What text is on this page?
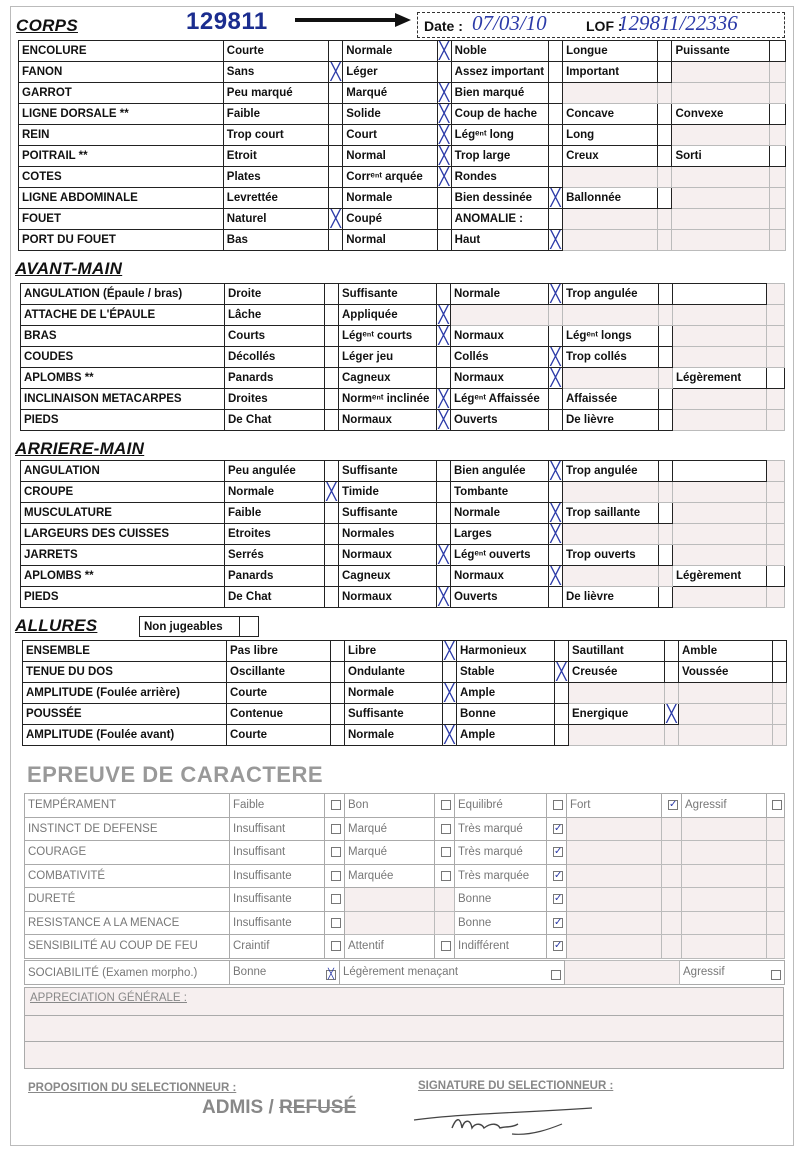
CORPS	129811	Date : 07/03/10	LOF :
129811/22336
ENCOLURE	Courte		Normale	╳	Noble		Longue		Puissante	
FANON	Sans	╳	Léger		Assez important		Important			
GARROT	Peu marqué		Marqué	╳	Bien marqué					
LIGNE DORSALE **	Faible		Solide	╳	Coup de hache		Concave		Convexe	
REIN	Trop court		Court	╳	Légᵉⁿᵗ long		Long			
POITRAIL **	Etroit		Normal	╳	Trop large		Creux		Sorti	
COTES	Plates		Corrᵉⁿᵗ arquée	╳	Rondes					
LIGNE ABDOMINALE	Levrettée		Normale		Bien dessinée	╳	Ballonnée			
FOUET	Naturel	╳	Coupé		ANOMALIE :					
PORT DU FOUET	Bas		Normal		Haut	╳				
AVANT-MAIN
ANGULATION (Épaule / bras)	Droite		Suffisante		Normale	╳	Trop angulée			
ATTACHE DE L'ÉPAULE	Lâche		Appliquée	╳						
BRAS	Courts		Légᵉⁿᵗ courts	╳	Normaux		Légᵉⁿᵗ longs			
COUDES	Décollés		Léger jeu		Collés	╳	Trop collés			
APLOMBS **	Panards		Cagneux		Normaux	╳			Légèrement	
INCLINAISON METACARPES	Droites		Normᵉⁿᵗ inclinée	╳	Légᵉⁿᵗ Affaissée		Affaissée			
PIEDS	De Chat		Normaux	╳	Ouverts		De lièvre			
ARRIERE-MAIN
ANGULATION	Peu angulée		Suffisante		Bien angulée	╳	Trop angulée			
CROUPE	Normale	╳	Timide		Tombante					
MUSCULATURE	Faible		Suffisante		Normale	╳	Trop saillante			
LARGEURS DES CUISSES	Etroites		Normales		Larges	╳				
JARRETS	Serrés		Normaux	╳	Légᵉⁿᵗ ouverts		Trop ouverts			
APLOMBS **	Panards		Cagneux		Normaux	╳			Légèrement	
PIEDS	De Chat		Normaux	╳	Ouverts		De lièvre			
ALLURES	Non jugeables
ENSEMBLE	Pas libre		Libre	╳	Harmonieux		Sautillant		Amble	
TENUE DU DOS	Oscillante		Ondulante		Stable	╳	Creusée		Voussée	
AMPLITUDE (Foulée arrière)	Courte		Normale	╳	Ample					
POUSSÉE	Contenue		Suffisante		Bonne		Energique	╳		
AMPLITUDE (Foulée avant)	Courte		Normale	╳	Ample					
EPREUVE DE CARACTERE
TEMPÉRAMENT	Faible		Bon		Equilibré		Fort	✓	Agressif	
INSTINCT DE DEFENSE	Insuffisant		Marqué		Très marqué	✓				
COURAGE	Insuffisant		Marqué		Très marqué	✓				
COMBATIVITÉ	Insuffisante		Marquée		Très marquée	✓				
DURETÉ	Insuffisante				Bonne	✓				
RESISTANCE A LA MENACE	Insuffisante				Bonne	✓				
SENSIBILITÉ AU COUP DE FEU	Craintif		Attentif		Indifférent	✓				
SOCIABILITÉ (Examen morpho.)	Bonne	╳	Légèrement menaçant		Agressif
APPRECIATION GÉNÉRALE :
PROPOSITION DU SELECTIONNEUR :	SIGNATURE DU SELECTIONNEUR :
ADMIS / REFUSÉ
